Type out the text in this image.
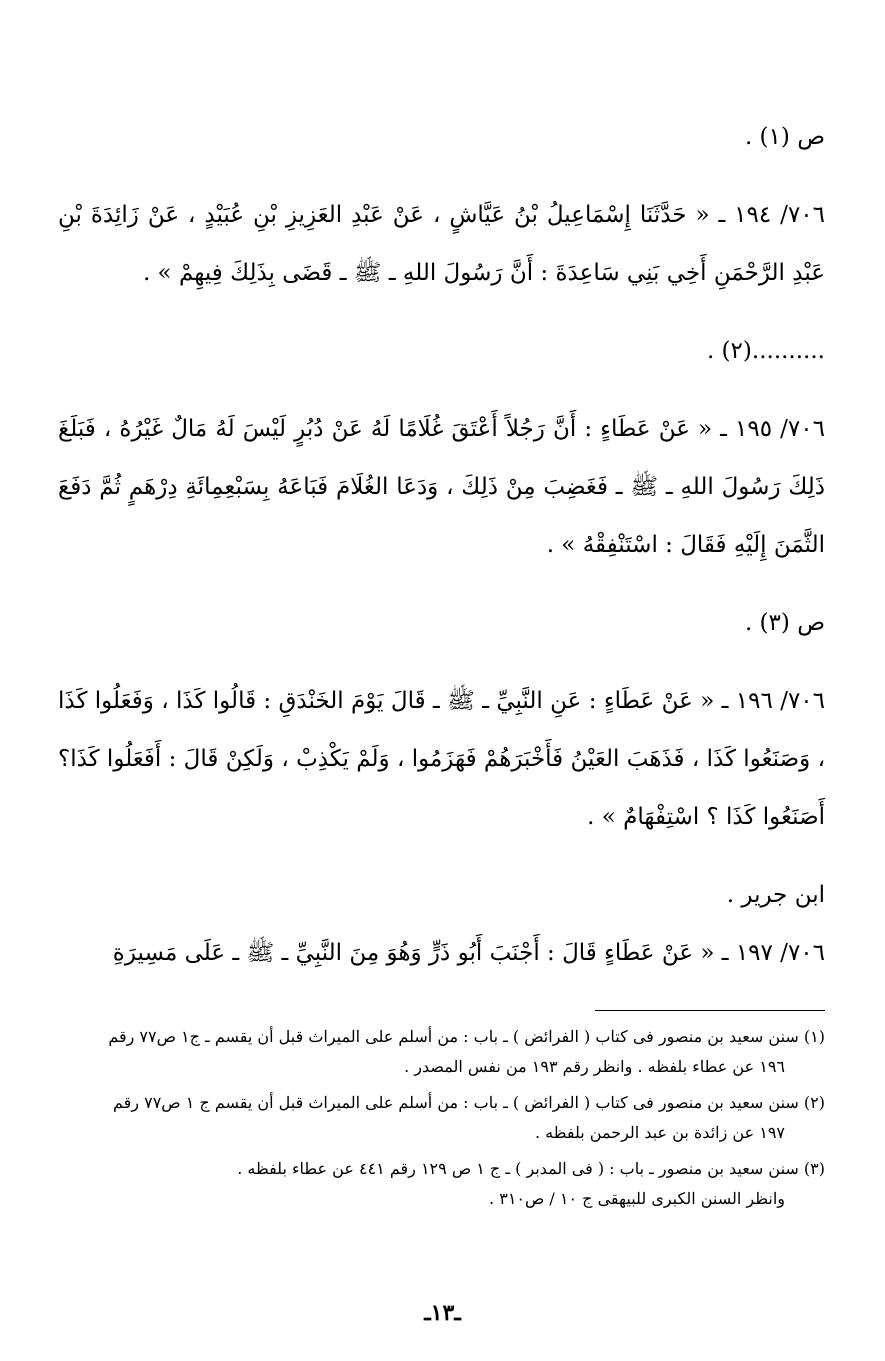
ص (١) .

٧٠٦/ ١٩٤ ـ « حَدَّثَنَا إِسْمَاعِيلُ بْنُ عَيَّاشٍ ، عَنْ عَبْدِ العَزِيزِ بْنِ عُبَيْدٍ ، عَنْ زَائِدَةَ بْنِ عَبْدِ الرَّحْمَنِ أَخِي بَنِي سَاعِدَةَ : أَنَّ رَسُولَ اللهِ ـ ﷺ ـ قَضَى بِذَلِكَ فِيهِمْ » .

..........(٢) .

٧٠٦/ ١٩٥ ـ « عَنْ عَطَاءٍ : أَنَّ رَجُلاً أَعْتَقَ غُلَامًا لَهُ عَنْ دُبُرٍ لَيْسَ لَهُ مَالٌ غَيْرُهُ ، فَبَلَغَ ذَلِكَ رَسُولَ اللهِ ـ ﷺ ـ فَغَضِبَ مِنْ ذَلِكَ ، وَدَعَا الغُلَامَ فَبَاعَهُ بِسَبْعِمِائَةِ دِرْهَمٍ ثُمَّ دَفَعَ الثَّمَنَ إِلَيْهِ فَقَالَ : اسْتَنْفِقْهُ » .

ص (٣) .

٧٠٦/ ١٩٦ ـ « عَنْ عَطَاءٍ : عَنِ النَّبِيِّ ـ ﷺ ـ قَالَ يَوْمَ الخَنْدَقِ : قَالُوا كَذَا ، وَفَعَلُوا كَذَا ، وَصَنَعُوا كَذَا ، فَذَهَبَ العَيْنُ فَأَخْبَرَهُمْ فَهَزَمُوا ، وَلَمْ يَكْذِبْ ، وَلَكِنْ قَالَ : أَفَعَلُوا كَذَا؟ أَصَنَعُوا كَذَا ؟ اسْتِفْهَامٌ » .

ابن جرير .

٧٠٦/ ١٩٧ ـ « عَنْ عَطَاءٍ قَالَ : أَجْنَبَ أَبُو ذَرٍّ وَهُوَ مِنَ النَّبِيِّ ـ ﷺ ـ عَلَى مَسِيرَةِ

(١) سنن سعيد بن منصور فى كتاب ( الفرائض ) ـ باب : من أسلم على الميراث قبل أن يقسم ـ ج١ ص٧٧ رقم
١٩٦ عن عطاء بلفظه . وانظر رقم ١٩٣ من نفس المصدر .

(٢) سنن سعيد بن منصور فى كتاب ( الفرائض ) ـ باب : من أسلم على الميراث قبل أن يقسم ج ١ ص٧٧ رقم
١٩٧ عن زائدة بن عبد الرحمن بلفظه .

(٣) سنن سعيد بن منصور ـ باب : ( فى المدبر ) ـ ج ١ ص ١٢٩ رقم ٤٤١ عن عطاء بلفظه .
وانظر السنن الكبرى للبيهقى ج ١٠ / ص٣١٠ .

ـ١٣ـ
